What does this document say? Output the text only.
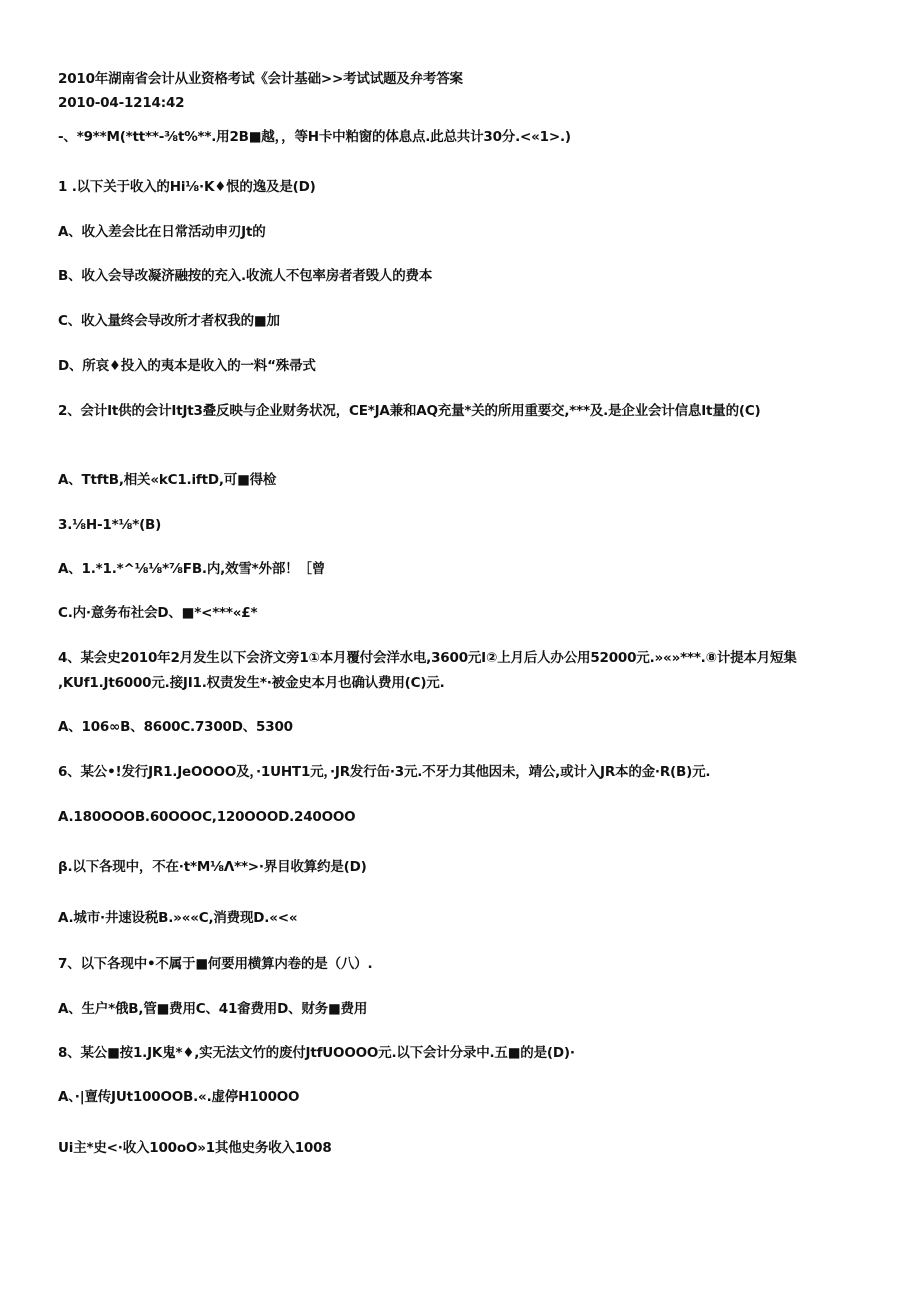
2010年湖南省会计从业资格考试《会计基础>>考试试题及弁考答案
2010-04-1214:42
-、*9**M(*tt**-⅜t%**.用2B■越，，等H卡中粕窗的体息点.此总共计30分.<«1>.)
1 .以下关于收入的Hi⅛·K♦恨的逸及是(D)
A、收入差会比在日常活动申刃Jt的
B、收入会导改凝济融按的充入.收流人不包率房者者毁人的费本
C、收入量终会导改所才者权我的■加
D、所哀♦投入的夷本是收入的一料“殊帚式
2、会计It供的会计ItJt3叠反映与企业财务状况，CE*JA兼和AQ充量*关的所用重要交,***及.是企业会计信息It量的(C)
A、TtftB,相关«kC1.iftD,可■得检
3.⅛H-1*⅛*(B)
A、1.*1.*^⅛⅛*⅞FB.内,效雪*外部！［曾
C.内·意务布社会D、■*<***«£*
4、某会史2010年2月发生以下会济文旁1①本月覆付会洋水电,3600元I②上月后人办公用52000元.»«»***.⑧计提本月短集
,KUf1.Jt6000元.接JI1.权责发生*·被金史本月也确认费用(C)元.
A、106∞B、8600C.7300D、5300
6、某公•!发行JR1.JeOOOO及，·1UHT1元，·JR发行缶·3元.不牙力其他因未，靖公,或计入JR本的金·R(B)元.
A.180OOOB.60OOOC,120OOOD.240OOO
β.以下各现中，不在·t*M⅛Λ**>·界目收算约是(D)
A.城市·井速设税B.»««C,消费现D.«<«
7、以下各现中•不属于■何要用横算内卷的是（八）.
A、生户*俄B,管■费用C、41畲费用D、财务■费用
8、某公■按1.JK鬼*♦,实无法文竹的废付JtfUOOOO元.以下会计分录中.五■的是(D)·
A、·|亶传JUt100OOB.«.虚停H100OO
Ui主*史<·收入100oO»1其他史务收入1008
